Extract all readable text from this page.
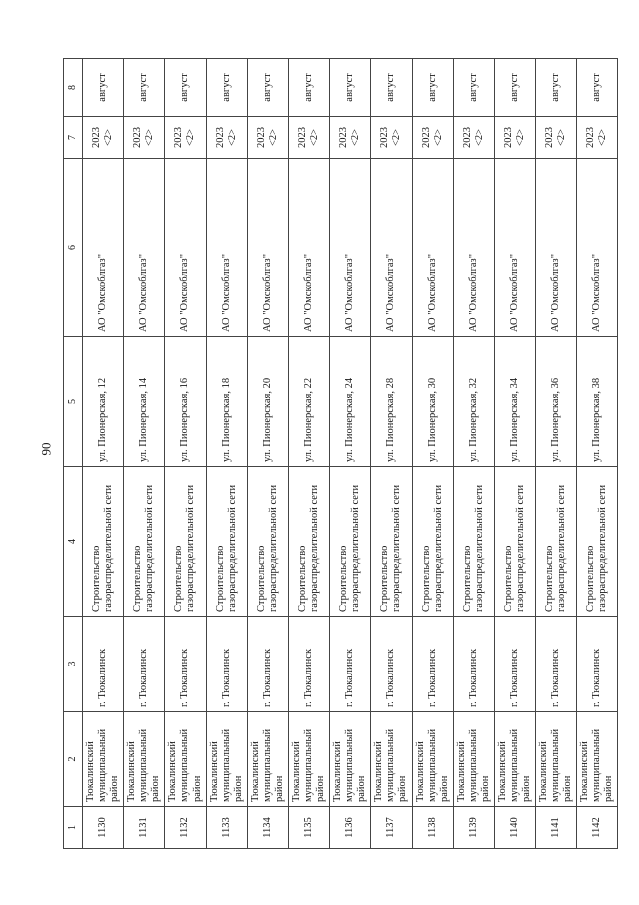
90
1	2	3	4	5	6	7	8
1130	Тюкалинский муниципальный район	г. Тюкалинск	Строительство газораспределительной сети	ул. Пионерская, 12	АО "Омскоблгаз"	2023 <2>	август
1131	Тюкалинский муниципальный район	г. Тюкалинск	Строительство газораспределительной сети	ул. Пионерская, 14	АО "Омскоблгаз"	2023 <2>	август
1132	Тюкалинский муниципальный район	г. Тюкалинск	Строительство газораспределительной сети	ул. Пионерская, 16	АО "Омскоблгаз"	2023 <2>	август
1133	Тюкалинский муниципальный район	г. Тюкалинск	Строительство газораспределительной сети	ул. Пионерская, 18	АО "Омскоблгаз"	2023 <2>	август
1134	Тюкалинский муниципальный район	г. Тюкалинск	Строительство газораспределительной сети	ул. Пионерская, 20	АО "Омскоблгаз"	2023 <2>	август
1135	Тюкалинский муниципальный район	г. Тюкалинск	Строительство газораспределительной сети	ул. Пионерская, 22	АО "Омскоблгаз"	2023 <2>	август
1136	Тюкалинский муниципальный район	г. Тюкалинск	Строительство газораспределительной сети	ул. Пионерская, 24	АО "Омскоблгаз"	2023 <2>	август
1137	Тюкалинский муниципальный район	г. Тюкалинск	Строительство газораспределительной сети	ул. Пионерская, 28	АО "Омскоблгаз"	2023 <2>	август
1138	Тюкалинский муниципальный район	г. Тюкалинск	Строительство газораспределительной сети	ул. Пионерская, 30	АО "Омскоблгаз"	2023 <2>	август
1139	Тюкалинский муниципальный район	г. Тюкалинск	Строительство газораспределительной сети	ул. Пионерская, 32	АО "Омскоблгаз"	2023 <2>	август
1140	Тюкалинский муниципальный район	г. Тюкалинск	Строительство газораспределительной сети	ул. Пионерская, 34	АО "Омскоблгаз"	2023 <2>	август
1141	Тюкалинский муниципальный район	г. Тюкалинск	Строительство газораспределительной сети	ул. Пионерская, 36	АО "Омскоблгаз"	2023 <2>	август
1142	Тюкалинский муниципальный район	г. Тюкалинск	Строительство газораспределительной сети	ул. Пионерская, 38	АО "Омскоблгаз"	2023 <2>	август
